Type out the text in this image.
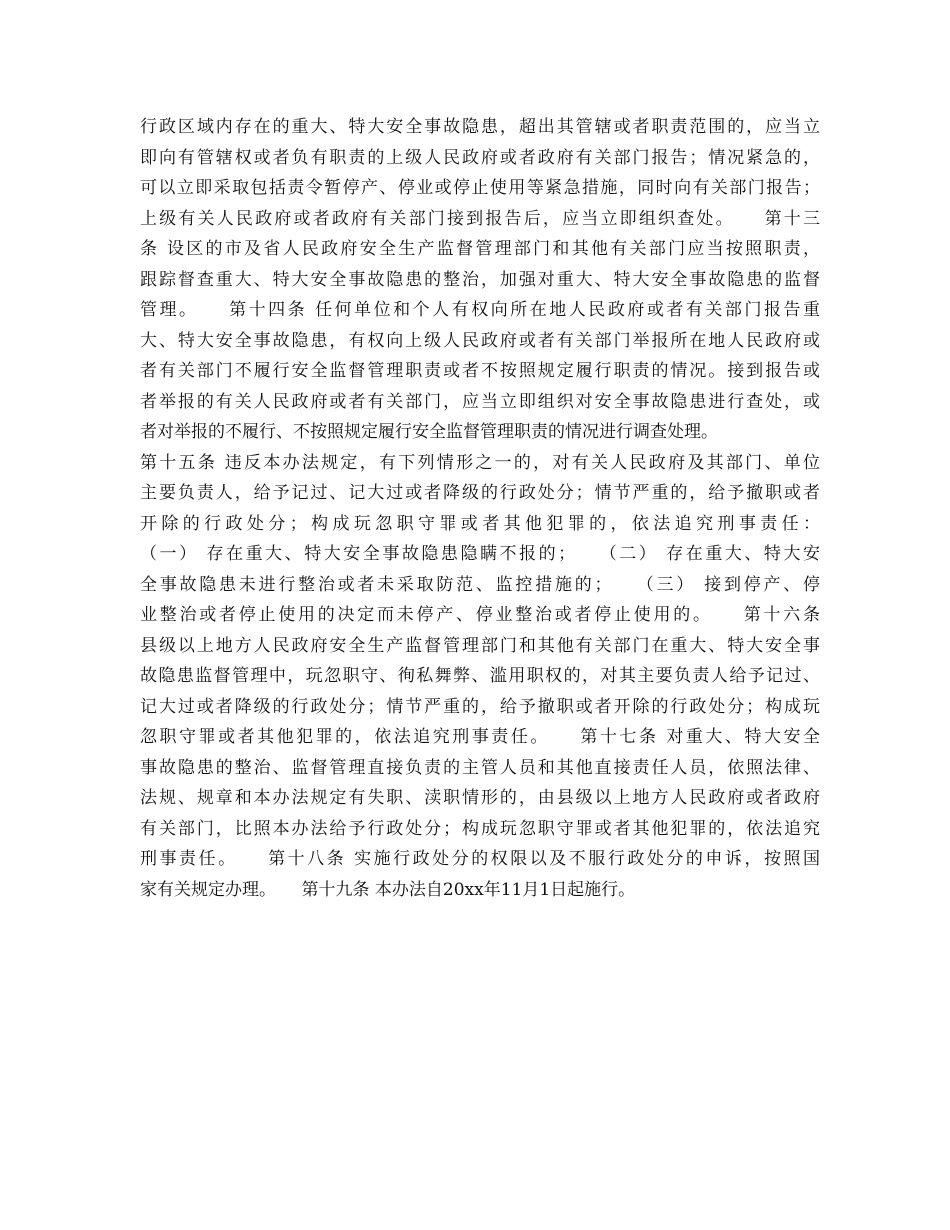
行政区域内存在的重大、特大安全事故隐患，超出其管辖或者职责范围的，应当立
即向有管辖权或者负有职责的上级人民政府或者政府有关部门报告；情况紧急的，
可以立即采取包括责令暂停产、停业或停止使用等紧急措施，同时向有关部门报告；
上级有关人民政府或者政府有关部门接到报告后，应当立即组织查处。　　第十三
条 设区的市及省人民政府安全生产监督管理部门和其他有关部门应当按照职责，
跟踪督查重大、特大安全事故隐患的整治，加强对重大、特大安全事故隐患的监督
管理。　　第十四条 任何单位和个人有权向所在地人民政府或者有关部门报告重
大、特大安全事故隐患，有权向上级人民政府或者有关部门举报所在地人民政府或
者有关部门不履行安全监督管理职责或者不按照规定履行职责的情况。接到报告或
者举报的有关人民政府或者有关部门，应当立即组织对安全事故隐患进行查处，或
者对举报的不履行、不按照规定履行安全监督管理职责的情况进行调查处理。
第十五条 违反本办法规定，有下列情形之一的，对有关人民政府及其部门、单位
主要负责人，给予记过、记大过或者降级的行政处分；情节严重的，给予撤职或者
开除的行政处分；构成玩忽职守罪或者其他犯罪的，依法追究刑事责任：
（一） 存在重大、特大安全事故隐患隐瞒不报的；　　（二） 存在重大、特大安
全事故隐患未进行整治或者未采取防范、监控措施的；　　（三） 接到停产、停
业整治或者停止使用的决定而未停产、停业整治或者停止使用的。　　第十六条
县级以上地方人民政府安全生产监督管理部门和其他有关部门在重大、特大安全事
故隐患监督管理中，玩忽职守、徇私舞弊、滥用职权的，对其主要负责人给予记过、
记大过或者降级的行政处分；情节严重的，给予撤职或者开除的行政处分；构成玩
忽职守罪或者其他犯罪的，依法追究刑事责任。　　第十七条 对重大、特大安全
事故隐患的整治、监督管理直接负责的主管人员和其他直接责任人员，依照法律、
法规、规章和本办法规定有失职、渎职情形的，由县级以上地方人民政府或者政府
有关部门，比照本办法给予行政处分；构成玩忽职守罪或者其他犯罪的，依法追究
刑事责任。　　第十八条 实施行政处分的权限以及不服行政处分的申诉，按照国
家有关规定办理。　　第十九条 本办法自20xx年11月1日起施行。
